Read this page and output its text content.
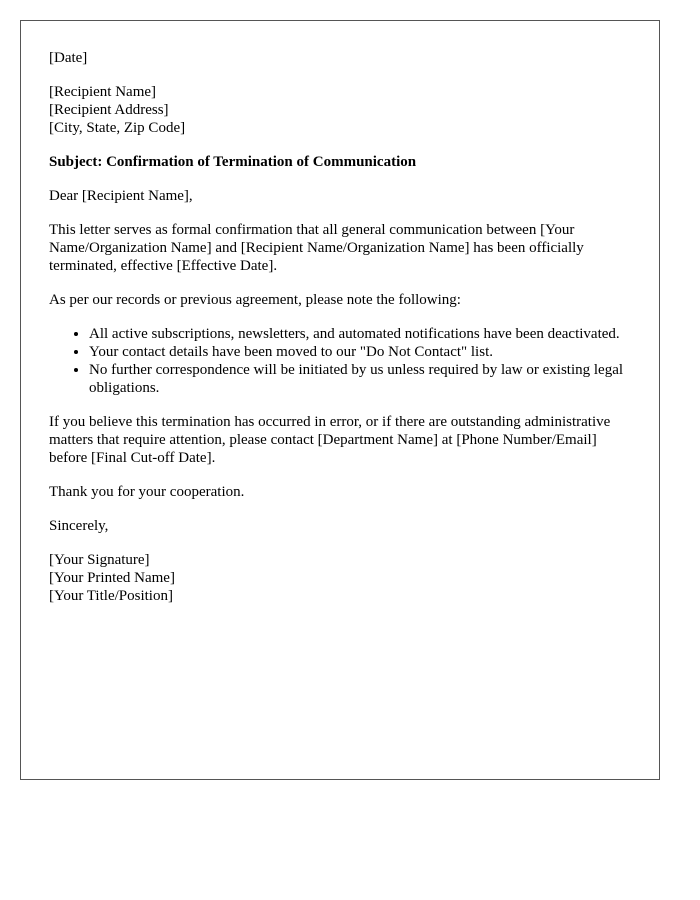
[Date]
[Recipient Name]
[Recipient Address]
[City, State, Zip Code]
Subject: Confirmation of Termination of Communication

Dear [Recipient Name],

This letter serves as formal confirmation that all general communication between [Your Name/Organization Name] and [Recipient Name/Organization Name] has been officially terminated, effective [Effective Date].

As per our records or previous agreement, please note the following:

• All active subscriptions, newsletters, and automated notifications have been deactivated.
• Your contact details have been moved to our "Do Not Contact" list.
• No further correspondence will be initiated by us unless required by law or existing legal obligations.

If you believe this termination has occurred in error, or if there are outstanding administrative matters that require attention, please contact [Department Name] at [Phone Number/Email] before [Final Cut-off Date].

Thank you for your cooperation.

Sincerely,

[Your Signature]
[Your Printed Name]
[Your Title/Position]
